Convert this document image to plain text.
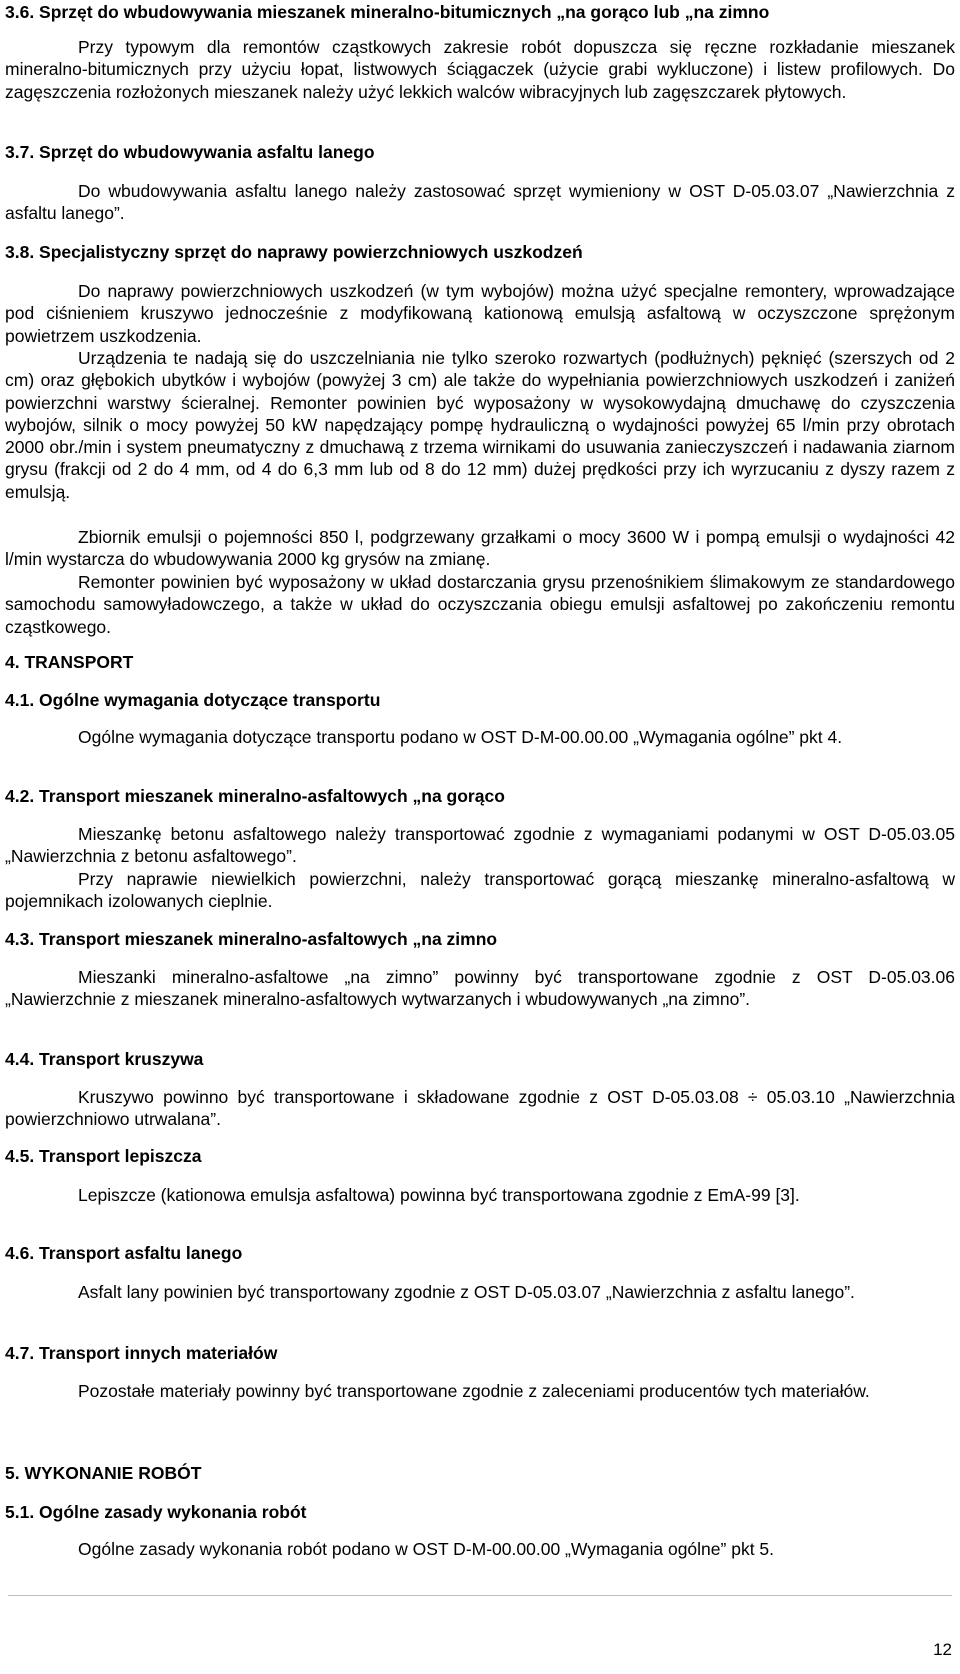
3.6. Sprzęt do wbudowywania mieszanek mineralno-bitumicznych „na gorąco lub „na zimno

Przy typowym dla remontów cząstkowych zakresie robót dopuszcza się ręczne rozkładanie mieszanek mineralno-bitumicznych przy użyciu łopat, listwowych ściągaczek (użycie grabi wykluczone) i listew profilowych. Do zagęszczenia rozłożonych mieszanek należy użyć lekkich walców wibracyjnych lub zagęszczarek płytowych.

3.7. Sprzęt do wbudowywania asfaltu lanego

Do wbudowywania asfaltu lanego należy zastosować sprzęt wymieniony w OST D-05.03.07 „Nawierzchnia z asfaltu lanego”.

3.8. Specjalistyczny sprzęt do naprawy powierzchniowych uszkodzeń

Do naprawy powierzchniowych uszkodzeń (w tym wybojów) można użyć specjalne remontery, wprowadzające pod ciśnieniem kruszywo jednocześnie z modyfikowaną kationową emulsją asfaltową w oczyszczone sprężonym powietrzem uszkodzenia.

Urządzenia te nadają się do uszczelniania nie tylko szeroko rozwartych (podłużnych) pęknięć (szerszych od 2 cm) oraz głębokich ubytków i wybojów (powyżej 3 cm) ale także do wypełniania powierzchniowych uszkodzeń i zaniżeń powierzchni warstwy ścieralnej. Remonter powinien być wyposażony w wysokowydajną dmuchawę do czyszczenia wybojów, silnik o mocy powyżej 50 kW napędzający pompę hydrauliczną o wydajności powyżej 65 l/min przy obrotach 2000 obr./min i system pneumatyczny z dmuchawą z trzema wirnikami do usuwania zanieczyszczeń i nadawania ziarnom grysu (frakcji od 2 do 4 mm, od 4 do 6,3 mm lub od 8 do 12 mm) dużej prędkości przy ich wyrzucaniu z dyszy razem z emulsją.

Zbiornik emulsji o pojemności 850 l, podgrzewany grzałkami o mocy 3600 W i pompą emulsji o wydajności 42 l/min wystarcza do wbudowywania 2000 kg grysów na zmianę.

Remonter powinien być wyposażony w układ dostarczania grysu przenośnikiem ślimakowym ze standardowego samochodu samowyładowczego, a także w układ do oczyszczania obiegu emulsji asfaltowej po zakończeniu remontu cząstkowego.

4. TRANSPORT
4.1. Ogólne wymagania dotyczące transportu

Ogólne wymagania dotyczące transportu podano w OST D-M-00.00.00 „Wymagania ogólne” pkt 4.

4.2. Transport mieszanek mineralno-asfaltowych „na gorąco

Mieszankę betonu asfaltowego należy transportować zgodnie z wymaganiami podanymi w OST D-05.03.05 „Nawierzchnia z betonu asfaltowego”.

Przy naprawie niewielkich powierzchni, należy transportować gorącą mieszankę mineralno-asfaltową w pojemnikach izolowanych cieplnie.

4.3. Transport mieszanek mineralno-asfaltowych „na zimno

Mieszanki mineralno-asfaltowe „na zimno” powinny być transportowane zgodnie z OST D-05.03.06 „Nawierzchnie z mieszanek mineralno-asfaltowych wytwarzanych i wbudowywanych „na zimno”.

4.4. Transport kruszywa

Kruszywo powinno być transportowane i składowane zgodnie z OST D-05.03.08 ÷ 05.03.10 „Nawierzchnia powierzchniowo utrwalana”.

4.5. Transport lepiszcza

Lepiszcze (kationowa emulsja asfaltowa) powinna być transportowana zgodnie z EmA-99 [3].

4.6. Transport asfaltu lanego

Asfalt lany powinien być transportowany zgodnie z OST D-05.03.07 „Nawierzchnia z asfaltu lanego”.

4.7. Transport innych materiałów

Pozostałe materiały powinny być transportowane zgodnie z zaleceniami producentów tych materiałów.

5. WYKONANIE ROBÓT
5.1. Ogólne zasady wykonania robót

Ogólne zasady wykonania robót podano w OST D-M-00.00.00 „Wymagania ogólne” pkt 5.

12
